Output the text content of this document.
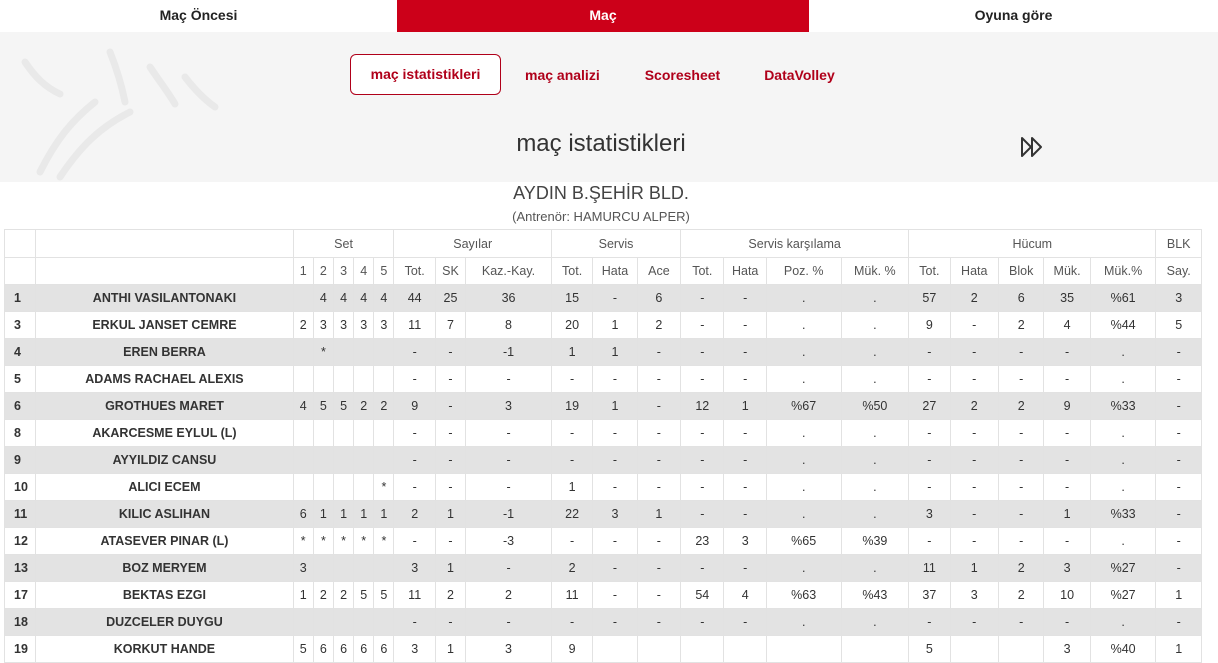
Maç Öncesi	Maç	Oyuna göre
maç istatistikleri	maç analizi	Scoresheet	DataVolley
maç istatistikleri
AYDIN B.ŞEHİR BLD.
(Antrenör: HAMURCU ALPER)
		Set					Sayılar			Servis			Servis karşılama				Hücum					BLK
		1	2	3	4	5	Tot.	SK	Kaz.-Kay.	Tot.	Hata	Ace	Tot.	Hata	Poz. %	Mük. %	Tot.	Hata	Blok	Mük.	Mük.%	Say.
1	ANTHI VASILANTONAKI		4	4	4	4	44	25	36	15	-	6	-	-	.	.	57	2	6	35	%61	3
3	ERKUL JANSET CEMRE	2	3	3	3	3	11	7	8	20	1	2	-	-	.	.	9	-	2	4	%44	5
4	EREN BERRA		*				-	-	-1	1	1	-	-	-	.	.	-	-	-	-	.	-
5	ADAMS RACHAEL ALEXIS						-	-	-	-	-	-	-	-	.	.	-	-	-	-	.	-
6	GROTHUES MARET	4	5	5	2	2	9	-	3	19	1	-	12	1	%67	%50	27	2	2	9	%33	-
8	AKARCESME EYLUL (L)						-	-	-	-	-	-	-	-	.	.	-	-	-	-	.	-
9	AYYILDIZ CANSU						-	-	-	-	-	-	-	-	.	.	-	-	-	-	.	-
10	ALICI ECEM					*	-	-	-	1	-	-	-	-	.	.	-	-	-	-	.	-
11	KILIC ASLIHAN	6	1	1	1	1	2	1	-1	22	3	1	-	-	.	.	3	-	-	1	%33	-
12	ATASEVER PINAR (L)	*	*	*	*	*	-	-	-3	-	-	-	23	3	%65	%39	-	-	-	-	.	-
13	BOZ MERYEM	3					3	1	-	2	-	-	-	-	.	.	11	1	2	3	%27	-
17	BEKTAS EZGI	1	2	2	5	5	11	2	2	11	-	-	54	4	%63	%43	37	3	2	10	%27	1
18	DUZCELER DUYGU						-	-	-	-	-	-	-	-	.	.	-	-	-	-	.	-
19	KORKUT HANDE	5	6	6	6	6	3	1	3	9							5			3	%40	1
